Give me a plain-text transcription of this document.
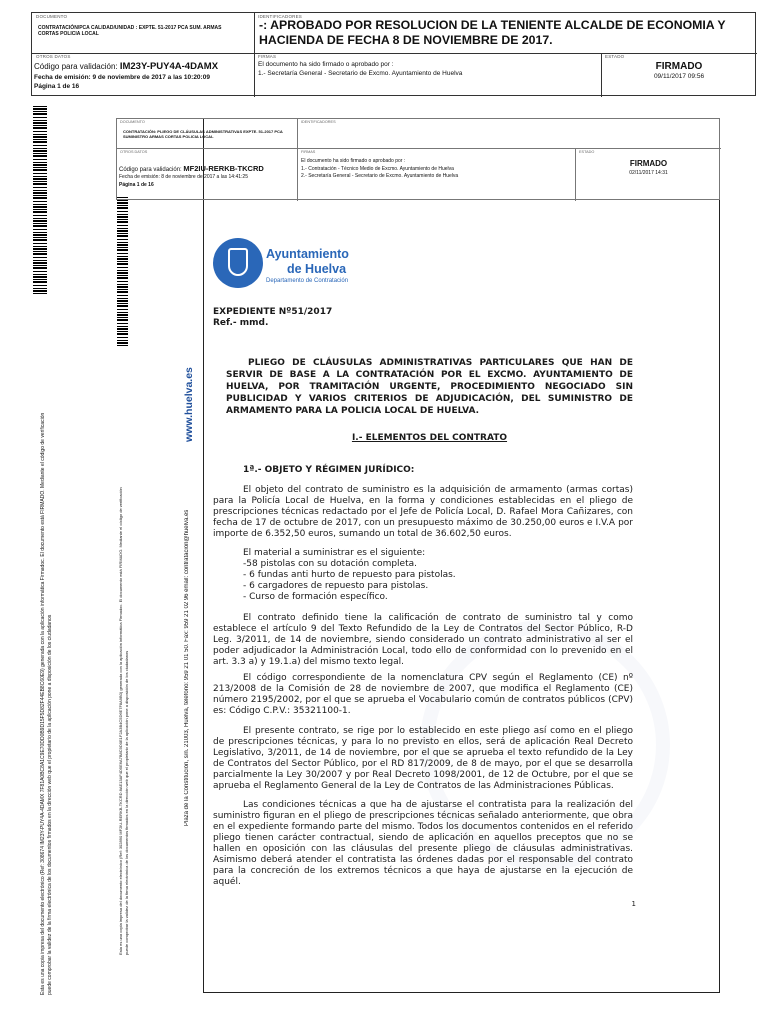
DOCUMENTO
CONTRATACIÓN/PCA CALIDAD/UNIDAD : EXPTE. 51-2017 PCA SUM. ARMAS CORTAS POLICIA LOCAL
IDENTIFICADORES
-: APROBADO POR RESOLUCION DE LA TENIENTE ALCALDE DE ECONOMIA Y HACIENDA DE FECHA 8 DE NOVIEMBRE DE 2017.
OTROS DATOS
Código para validación: IM23Y-PUY4A-4DAMX
Fecha de emisión: 9 de noviembre de 2017 a las 10:20:09
Página 1 de 16
FIRMAS
El documento ha sido firmado o aprobado por :
1.- Secretaría General - Secretario de Excmo. Ayuntamiento de Huelva
ESTADO
FIRMADO
09/11/2017 09:56
Esta es una copia impresa del documento electrónico (Ref: 308674 IM23Y-PUY4A-4DAMX 7F81A0BC8A1C9E70DD0B9D15F5D82F44EB8C60E9) generada con la aplicación informática Firmadoc. El documento está FIRMADO. Mediante el código de verificación puede comprobar la validez de la firma electrónica de los documentos firmados en la dirección web que el propietario de la aplicación pone a disposición de los ciudadanos	Esta es una copia impresa del documento electrónico (Ref: 302890 MF2IU-RERKB-TKCRD 8AE13AF4D5E6A7B8C9D0E1F2A3B4C5D6E7F8A9B0) generada con la aplicación informática Firmadoc. El documento está FIRMADO. Mediante el código de verificación puede comprobar la validez de la firma electrónica de los documentos firmados en la dirección web que el propietario de la aplicación pone a disposición de los ciudadanos	Plaza de la Constitución, s/n. 21003, Huelva, teléfono: 959 21 01 50. Fax: 959 21 02 96 email: contratacion@huelva.es
www.huelva.es
DOCUMENTO
CONTRATACIÓN: PLIEGO DE CLÁUSULAS ADMINISTRATIVAS EXPTE. 51-2017 PCA SUMINISTRO ARMAS CORTAS POLICIA LOCAL
IDENTIFICADORES
OTROS DATOS
Código para validación: MF2IU-RERKB-TKCRD
Fecha de emisión: 8 de noviembre de 2017 a las 14:41:25
Página 1 de 16
FIRMAS
El documento ha sido firmado o aprobado por :
1.- Contratación - Técnico Medio de Excmo. Ayuntamiento de Huelva
2.- Secretaría General - Secretario de Excmo. Ayuntamiento de Huelva
ESTADO
FIRMADO
02/11/2017 14:31
Ayuntamiento
de Huelva
Departamento de Contratación
EXPEDIENTE Nº51/2017
Ref.- mmd.
PLIEGO DE CLÁUSULAS ADMINISTRATIVAS PARTICULARES QUE HAN DE SERVIR DE BASE A LA CONTRATACIÓN POR EL EXCMO. AYUNTAMIENTO DE HUELVA, POR TRAMITACIÓN URGENTE, PROCEDIMIENTO NEGOCIADO SIN PUBLICIDAD Y VARIOS CRITERIOS DE ADJUDICACIÓN, DEL SUMINISTRO DE ARMAMENTO PARA LA POLICIA LOCAL DE HUELVA.
I.- ELEMENTOS DEL CONTRATO
1ª.- OBJETO Y RÉGIMEN JURÍDICO:
El objeto del contrato de suministro es la adquisición de armamento (armas cortas) para la Policía Local de Huelva, en la forma y condiciones establecidas en el pliego de prescripciones técnicas redactado por el Jefe de Policía Local, D. Rafael Mora Cañizares, con fecha de 17 de octubre de 2017, con un presupuesto máximo de 30.250,00 euros e I.V.A por importe de 6.352,50 euros, sumando un total de 36.602,50 euros.
El material a suministrar es el siguiente:
-58 pistolas con su dotación completa.
- 6 fundas anti hurto de repuesto para pistolas.
- 6 cargadores de repuesto para pistolas.
- Curso de formación específico.
El contrato definido tiene la calificación de contrato de suministro tal y como establece el artículo 9 del Texto Refundido de la Ley de Contratos del Sector Público, R-D Leg. 3/2011, de 14 de noviembre, siendo considerado un contrato administrativo al ser el poder adjudicador la Administración Local, todo ello de conformidad con lo prevenido en el art. 3.3 a) y 19.1.a) del mismo texto legal.
El código correspondiente de la nomenclatura CPV según el Reglamento (CE) nº 213/2008 de la Comisión de 28 de noviembre de 2007, que modifica el Reglamento (CE) número 2195/2002, por el que se aprueba el Vocabulario común de contratos públicos (CPV) es: Código C.P.V.: 35321100-1.
El presente contrato, se rige por lo establecido en este pliego así como en el pliego de prescripciones técnicas, y para lo no previsto en ellos, será de aplicación Real Decreto Legislativo, 3/2011, de 14 de noviembre, por el que se aprueba el texto refundido de la Ley de Contratos del Sector Público, por el RD 817/2009, de 8 de mayo, por el que se desarrolla parcialmente la Ley 30/2007 y por Real Decreto 1098/2001, de 12 de Octubre, por el que se aprueba el Reglamento General de la Ley de Contratos de las Administraciones Públicas.
Las condiciones técnicas a que ha de ajustarse el contratista para la realización del suministro figuran en el pliego de prescripciones técnicas señalado anteriormente, que obra en el expediente formando parte del mismo. Todos los documentos contenidos en el referido pliego tienen carácter contractual, siendo de aplicación en aquellos preceptos que no se hallen en oposición con las cláusulas del presente pliego de cláusulas administrativas. Asimismo deberá atender el contratista las órdenes dadas por el responsable del contrato para la concreción de los extremos técnicos a que haya de ajustarse en la ejecución de aquél.
1
